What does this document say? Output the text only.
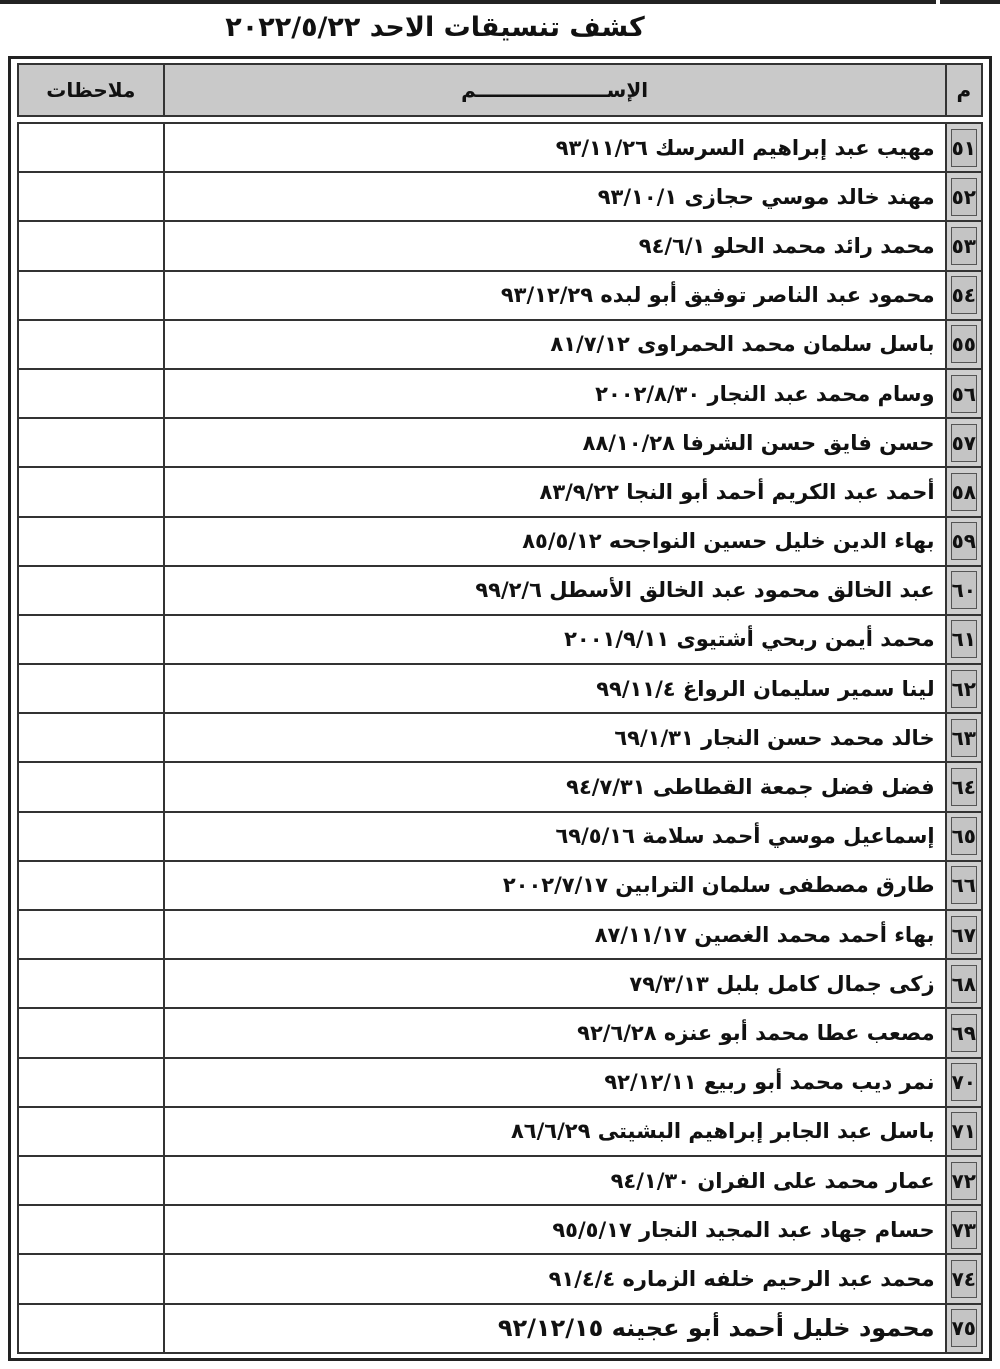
كشف تنسيقات الاحد ٢٠٢٢/٥/٢٢
م	الإســـــــــــــــــــم	ملاحظات

٥١	مهيب عبد إبراهيم السرسك ٩٣/١١/٢٦	

٥٢	مهند خالد موسي حجازى ٩٣/١٠/١	

٥٣	محمد رائد محمد الحلو ٩٤/٦/١	

٥٤	محمود عبد الناصر توفيق أبو لبده ٩٣/١٢/٢٩	

٥٥	باسل سلمان محمد الحمراوى ٨١/٧/١٢	

٥٦	وسام محمد عبد النجار ٢٠٠٢/٨/٣٠	

٥٧	حسن فايق حسن الشرفا ٨٨/١٠/٢٨	

٥٨	أحمد عبد الكريم أحمد أبو النجا ٨٣/٩/٢٢	

٥٩	بهاء الدين خليل حسين النواجحه ٨٥/٥/١٢	

٦٠	عبد الخالق محمود عبد الخالق الأسطل ٩٩/٢/٦	

٦١	محمد أيمن ربحي أشتيوى ٢٠٠١/٩/١١	

٦٢	لينا سمير سليمان الرواغ ٩٩/١١/٤	

٦٣	خالد محمد حسن النجار ٦٩/١/٣١	

٦٤	فضل فضل جمعة القطاطى ٩٤/٧/٣١	

٦٥	إسماعيل موسي أحمد سلامة ٦٩/٥/١٦	

٦٦	طارق مصطفى سلمان الترابين ٢٠٠٢/٧/١٧	

٦٧	بهاء أحمد محمد الغصين ٨٧/١١/١٧	

٦٨	زكى جمال كامل بلبل ٧٩/٣/١٣	

٦٩	مصعب عطا محمد أبو عنزه ٩٢/٦/٢٨	

٧٠	نمر ديب محمد أبو ربيع ٩٢/١٢/١١	

٧١	باسل عبد الجابر إبراهيم البشيتى ٨٦/٦/٢٩	

٧٢	عمار محمد على الفران ٩٤/١/٣٠	

٧٣	حسام جهاد عبد المجيد النجار ٩٥/٥/١٧	

٧٤	محمد عبد الرحيم خلفه الزماره ٩١/٤/٤	

٧٥	محمود خليل أحمد أبو عجينه ٩٢/١٢/١٥	
